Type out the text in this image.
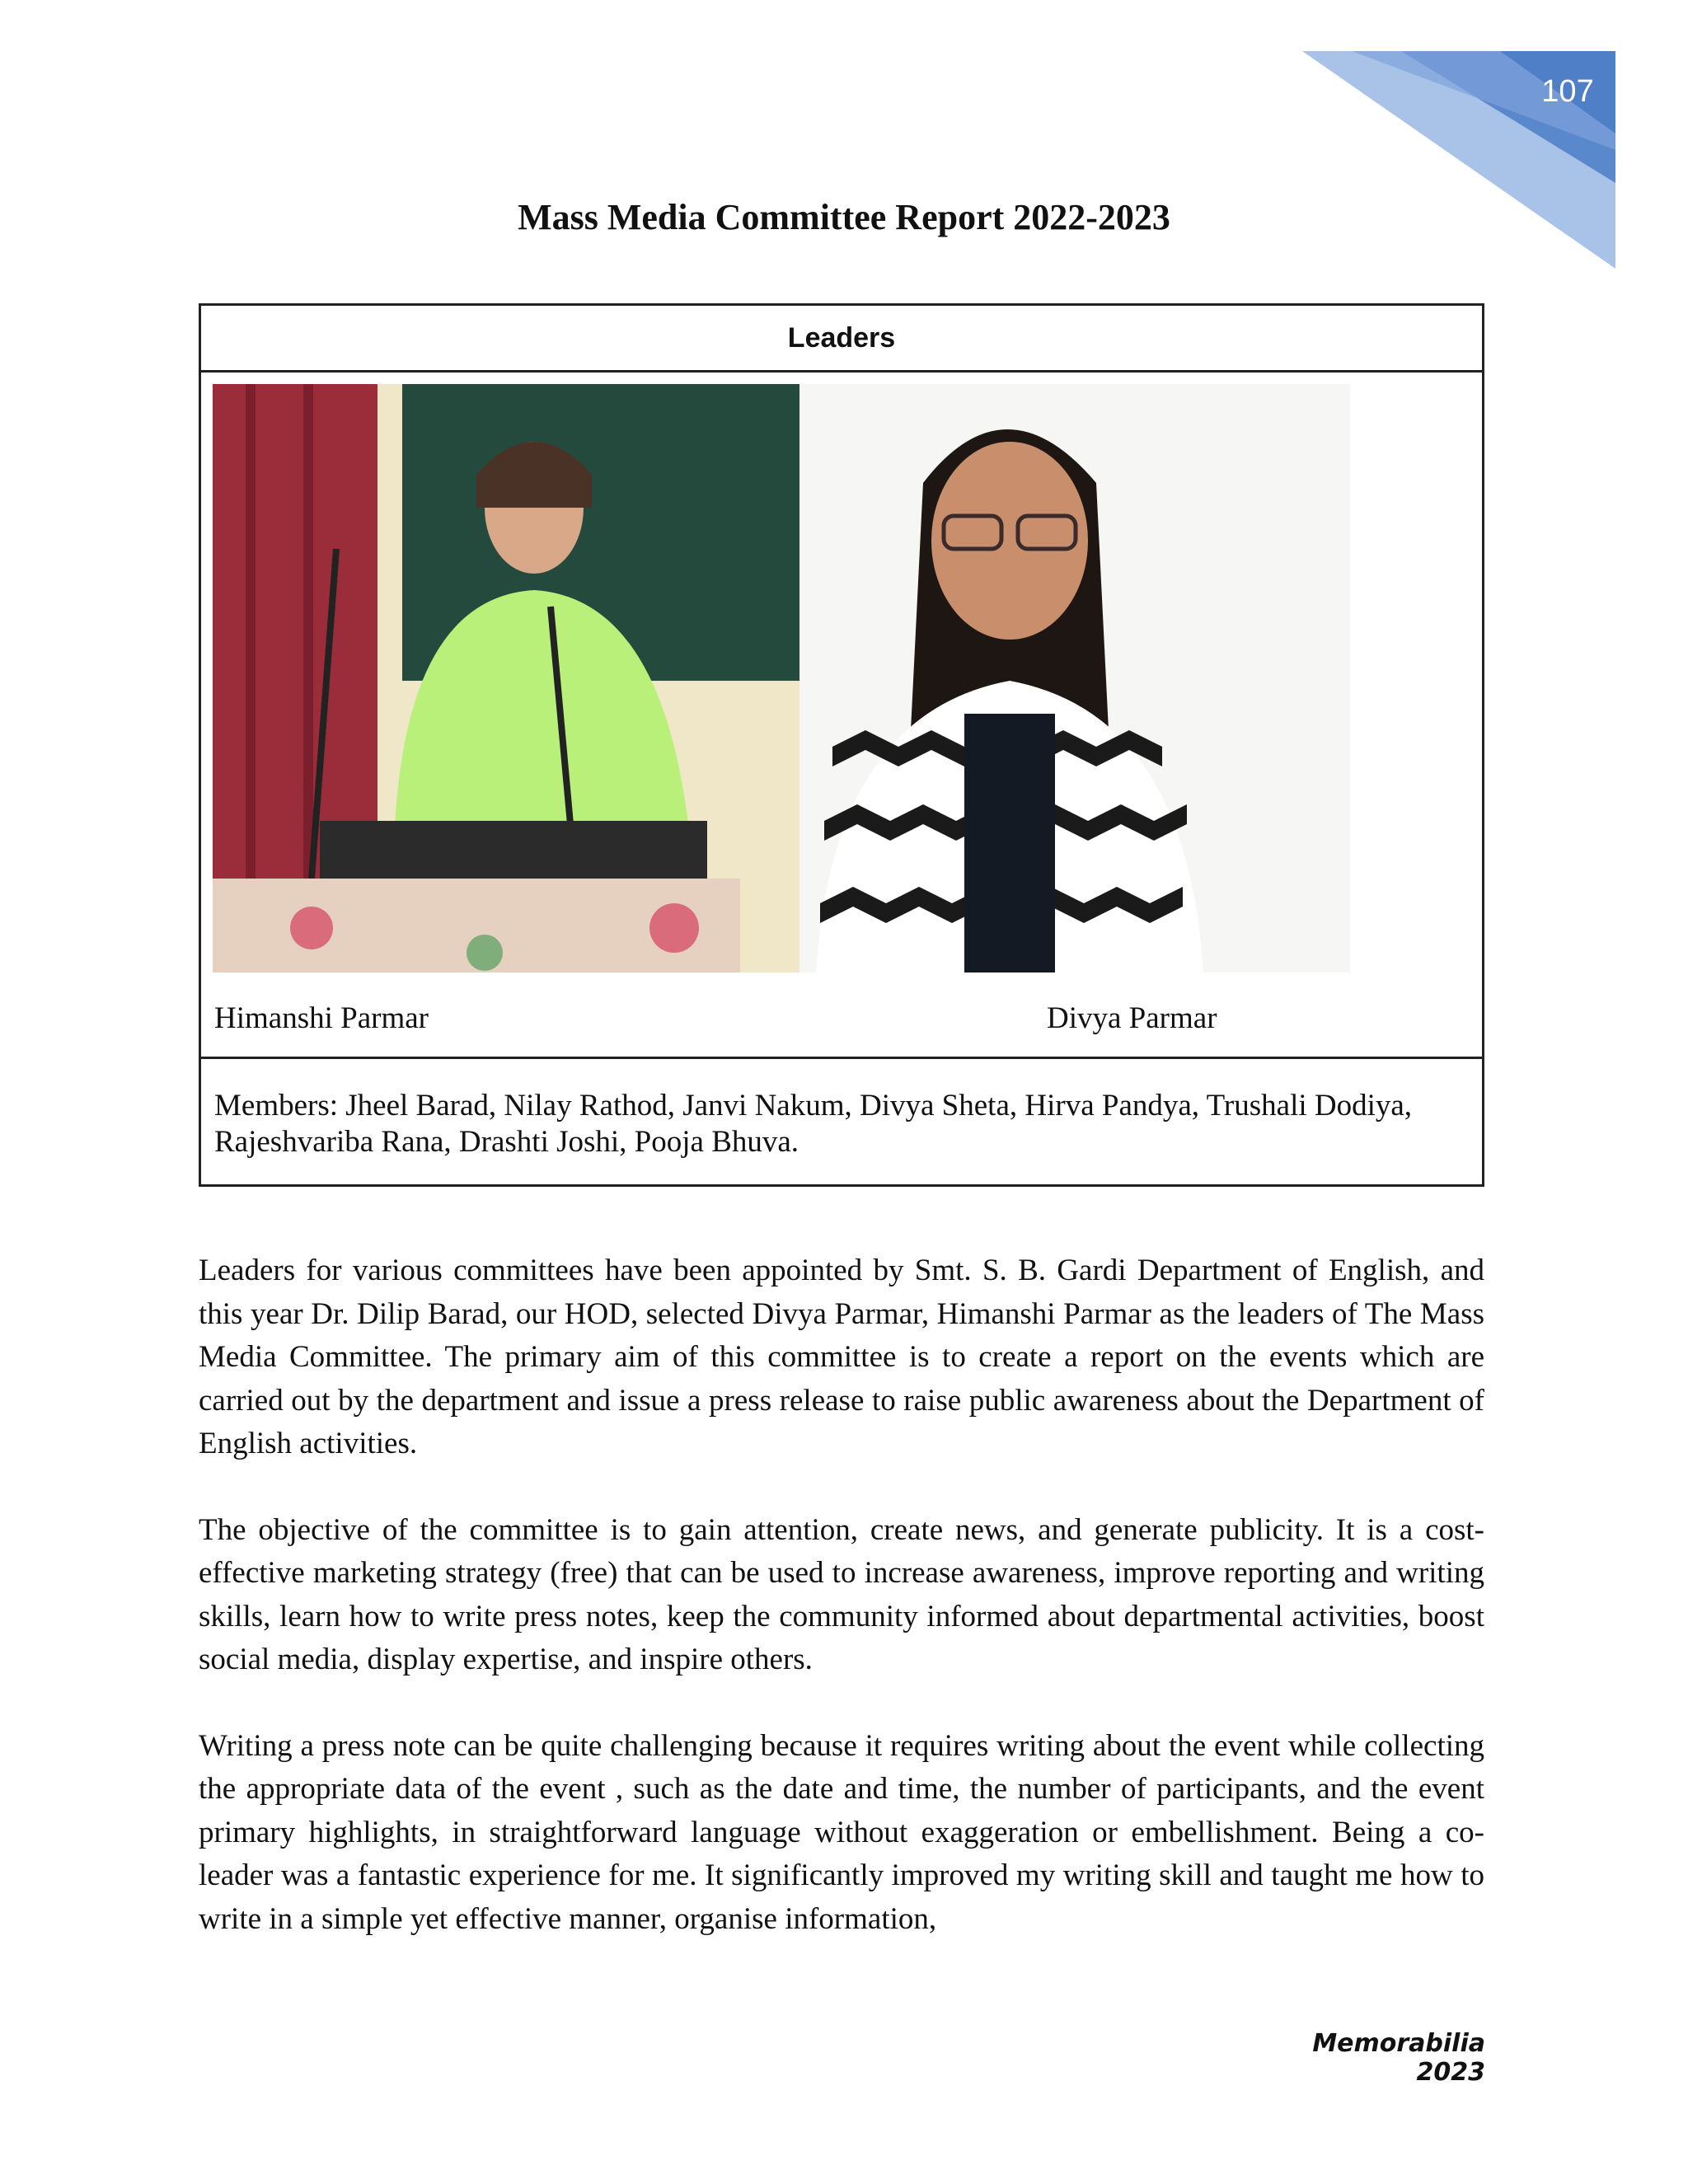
107
Mass Media Committee Report 2022-2023
Leaders

Himanshi Parmar	Divya Parmar

Members: Jheel Barad, Nilay Rathod, Janvi Nakum, Divya Sheta, Hirva Pandya, Trushali Dodiya, Rajeshvariba Rana, Drashti Joshi, Pooja Bhuva.

Leaders for various committees have been appointed by Smt. S. B. Gardi Department of English, and this year Dr. Dilip Barad, our HOD, selected Divya Parmar, Himanshi Parmar as the leaders of The Mass Media Committee. The primary aim of this committee is to create a report on the events which are carried out by the department and issue a press release to raise public awareness about the Department of English activities.

The objective of the committee is to gain attention, create news, and generate publicity. It is a cost-effective marketing strategy (free) that can be used to increase awareness, improve reporting and writing skills, learn how to write press notes, keep the community informed about departmental activities, boost social media, display expertise, and inspire others.

Writing a press note can be quite challenging because it requires writing about the event while collecting the appropriate data of the event , such as the date and time, the number of participants, and the event primary highlights, in straightforward language without exaggeration or embellishment. Being a co-leader was a fantastic experience for me. It significantly improved my writing skill and taught me how to write in a simple yet effective manner, organise information,

Memorabilia 2023
